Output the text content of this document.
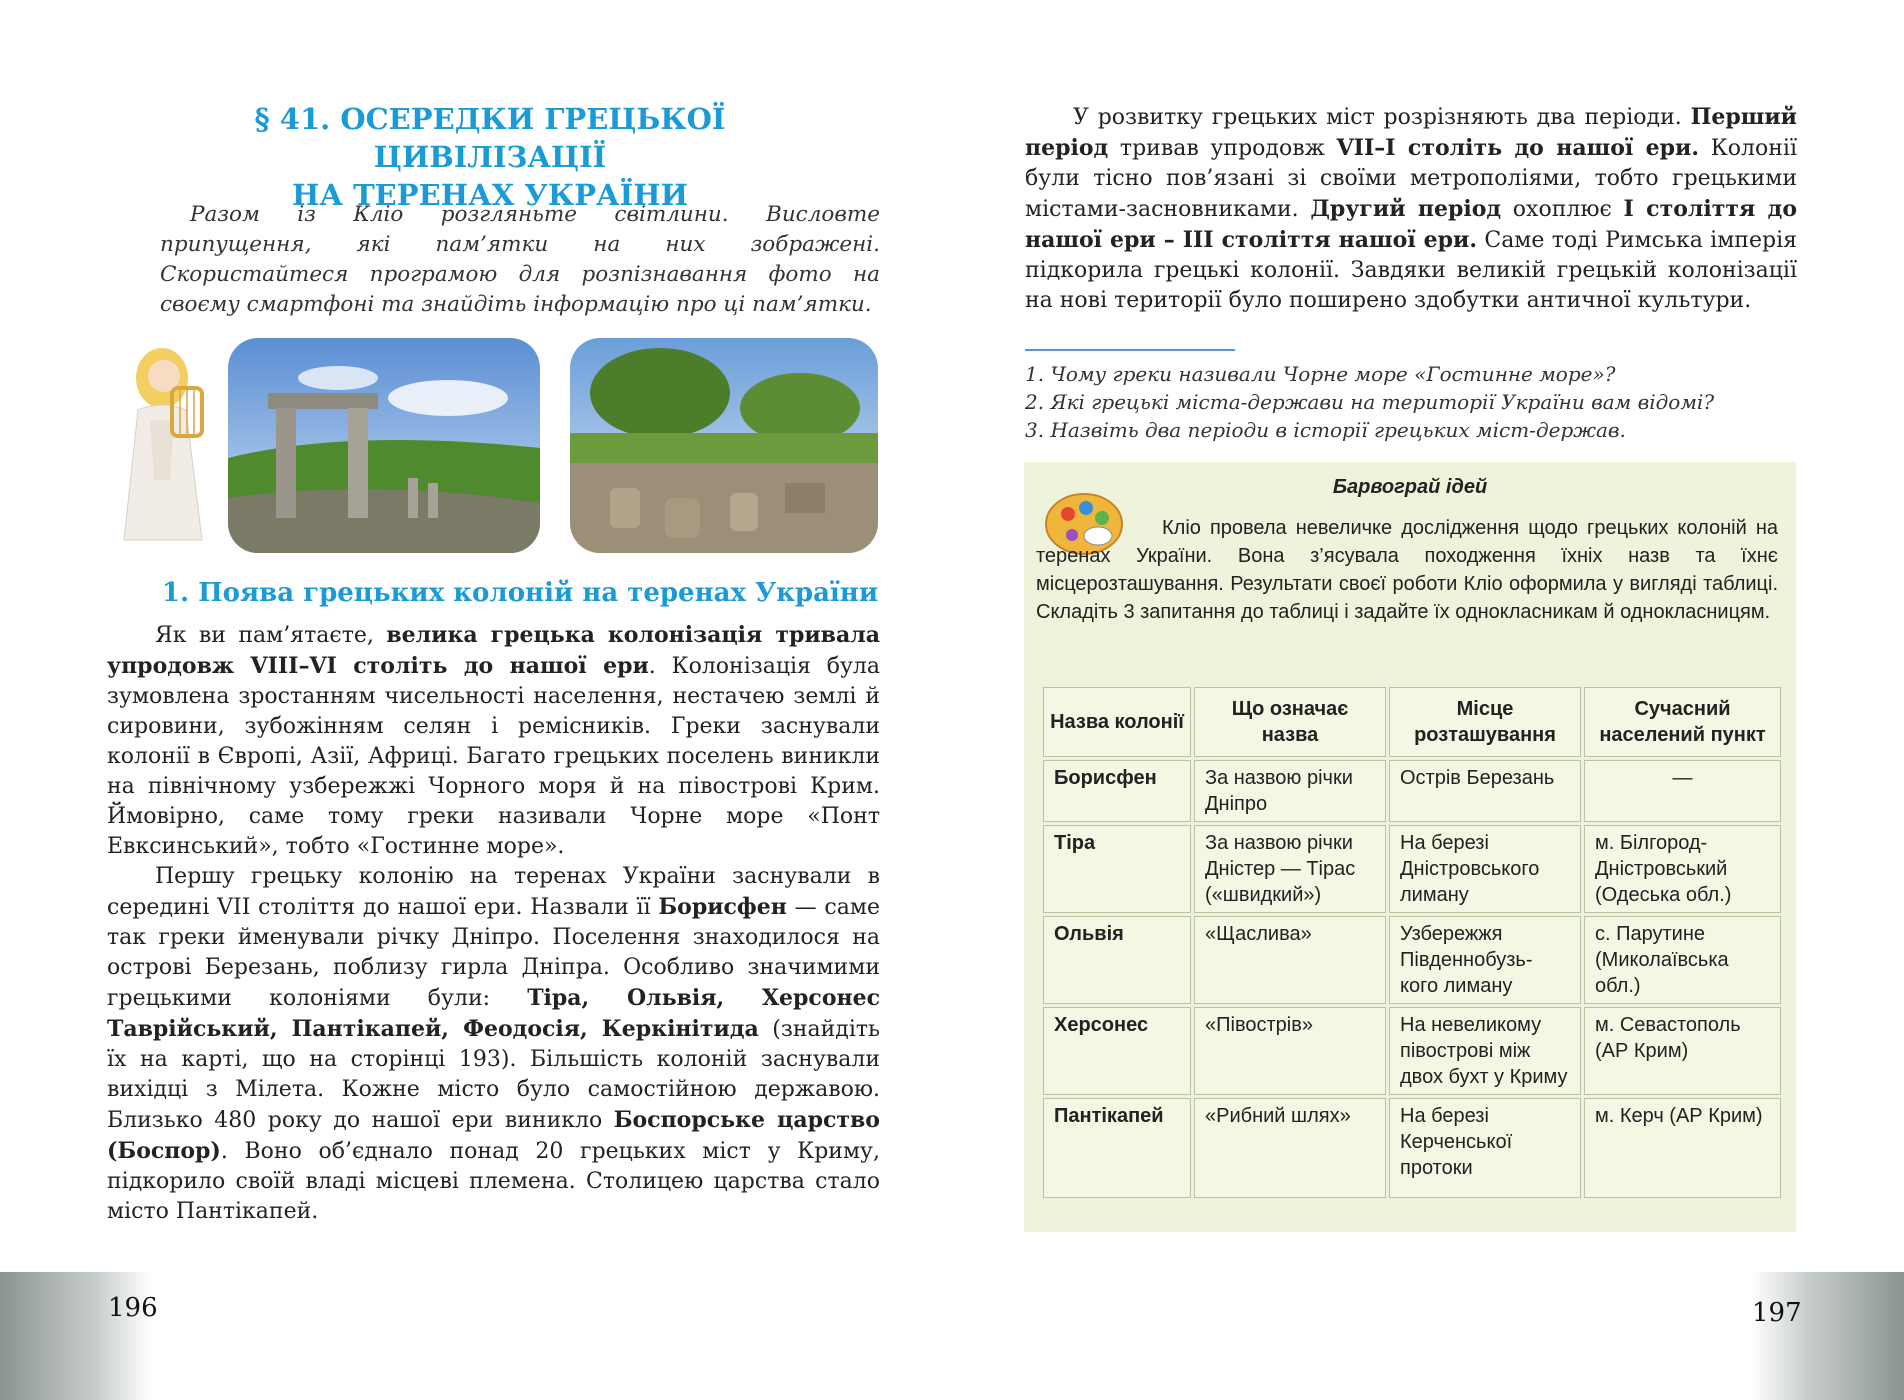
§ 41. ОСЕРЕДКИ ГРЕЦЬКОЇ ЦИВІЛІЗАЦІЇ
НА ТЕРЕНАХ УКРАЇНИ
Разом із Кліо розгляньте світлини. Висловте припущення, які пам’ятки на них зображені. Скористайтеся програмою для розпізнавання фото на своєму смартфоні та знайдіть інформацію про ці пам’ятки.
1. Поява грецьких колоній на теренах України

Як ви пам’ятаєте, велика грецька колонізація тривала упродовж VIII–VI століть до нашої ери. Колонізація була зумовлена зростанням чисельності населення, нестачею землі й сировини, зубожінням селян і ремісників. Греки заснували колонії в Європі, Азії, Африці. Багато грецьких поселень виникли на північному узбережжі Чорного моря й на півострові Крим. Ймовірно, саме тому греки називали Чорне море «Понт Евксинський», тобто «Гостинне море».

Першу грецьку колонію на теренах України заснували в середині VII століття до нашої ери. Назвали її Борисфен — саме так греки йменували річку Дніпро. Поселення знаходилося на острові Березань, поблизу гирла Дніпра. Особливо значимими грецькими колоніями були: Тіра, Ольвія, Херсонес Таврійський, Пантікапей, Феодосія, Керкінітида (знайдіть їх на карті, що на сторінці 193). Більшість колоній заснували вихідці з Мілета. Кожне місто було самостійною державою. Близько 480 року до нашої ери виникло Боспорське царство (Боспор). Воно об’єднало понад 20 грецьких міст у Криму, підкорило своїй владі місцеві племена. Столицею царства стало місто Пантікапей.

196

У розвитку грецьких міст розрізняють два періоди. Перший період тривав упродовж VII–I століть до нашої ери. Колонії були тісно пов’язані зі своїми метрополіями, тобто грецькими містами-засновниками. Другий період охоплює I століття до нашої ери – III століття нашої ери. Саме тоді Римська імперія підкорила грецькі колонії. Завдяки великій грецькій колонізації на нові території було поширено здобутки античної культури.

1. Чому греки називали Чорне море «Гостинне море»?
2. Які грецькі міста-держави на території України вам відомі?
3. Назвіть два періоди в історії грецьких міст-держав.
Барвограй ідей
Кліо провела невеличке дослідження щодо грецьких колоній на теренах України. Вона з’ясувала походження їхніх назв та їхнє місцерозташування. Результати своєї роботи Кліо оформила у вигляді таблиці. Складіть 3 запитання до таблиці і задайте їх однокласникам й однокласницям.
Назва колонії	Що означає назва	Місце розташування	Сучасний населений пункт
Борисфен	За назвою річки Дніпро	Острів Березань	—
Тіра	За назвою річки Дністер — Тірас («швидкий»)	На березі Дністровського лиману	м. Білгород-Дністровський (Одеська обл.)
Ольвія	«Щаслива»	Узбережжя Південнобузь-кого лиману	с. Парутине (Миколаївська обл.)
Херсонес	«Півострів»	На невеликому півострові між двох бухт у Криму	м. Севастополь (АР Крим)
Пантікапей	«Рибний шлях»	На березі Керченської протоки	м. Керч (АР Крим)
197
